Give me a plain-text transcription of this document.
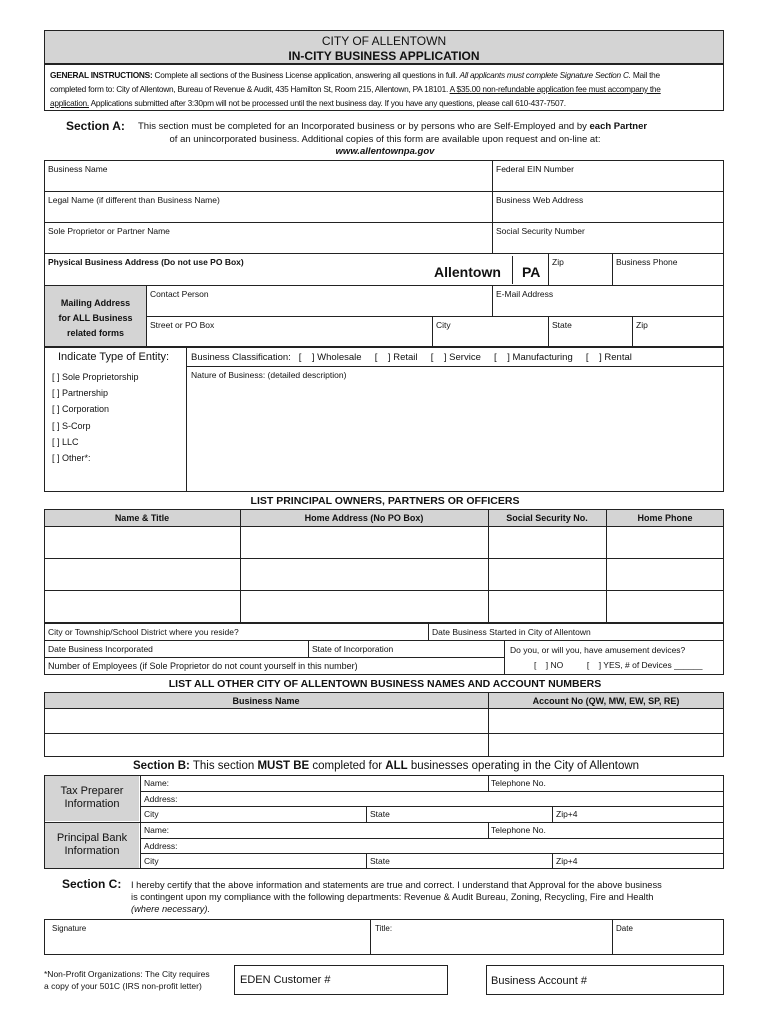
CITY OF ALLENTOWN
IN-CITY BUSINESS APPLICATION
GENERAL INSTRUCTIONS: Complete all sections of the Business License application, answering all questions in full. All applicants must complete Signature Section C. Mail the
completed form to: City of Allentown, Bureau of Revenue & Audit, 435 Hamilton St, Room 215, Allentown, PA 18101. A $35.00 non-refundable application fee must accompany the
application. Applications submitted after 3:30pm will not be processed until the next business day. If you have any questions, please call 610-437-7507.
Section A: This section must be completed for an Incorporated business or by persons who are Self-Employed and by each Partner
of an unincorporated business. Additional copies of this form are available upon request and on-line at:
www.allentownpa.gov
Business Name	Federal EIN Number
Legal Name (if different than Business Name)	Business Web Address
Sole Proprietor or Partner Name	Social Security Number
Physical Business Address (Do not use PO Box)
Allentown PA
Zip	Business Phone
Mailing Address
for ALL Business
related forms
Contact Person	E-Mail Address
Street or PO Box	City	State	Zip
Indicate Type of Entity:
[ ] Sole Proprietorship
[ ] Partnership
[ ] Corporation
[ ] S-Corp
[ ] LLC
[ ] Other*:
Business Classification:   [    ] Wholesale     [    ] Retail     [    ] Service     [    ] Manufacturing     [    ] Rental
Nature of Business: (detailed description)
LIST PRINCIPAL OWNERS, PARTNERS OR OFFICERS
Name & Title	Home Address (No PO Box)	Social Security No.	Home Phone
City or Township/School District where you reside?	Date Business Started in City of Allentown
Date Business Incorporated	State of Incorporation	Do you, or will you, have amusement devices?
[    ] NO          [    ] YES, # of Devices ______
Number of Employees (if Sole Proprietor do not count yourself in this number)
LIST ALL OTHER CITY OF ALLENTOWN BUSINESS NAMES AND ACCOUNT NUMBERS
Business Name	Account No (QW, MW, EW, SP, RE)
Section B: This section MUST BE completed for ALL businesses operating in the City of Allentown
Tax Preparer Information
Principal Bank Information
Name:	Telephone No.
Address:
City	State	Zip+4
Name:	Telephone No.
Address:
City	State	Zip+4
Section C: I hereby certify that the above information and statements are true and correct. I understand that Approval for the above business
is contingent upon my compliance with the following departments: Revenue & Audit Bureau, Zoning, Recycling, Fire and Health
(where necessary).
Signature	Title:	Date
*Non-Profit Organizations: The City requires
a copy of your 501C (IRS non-profit letter)	EDEN Customer #	Business Account #
